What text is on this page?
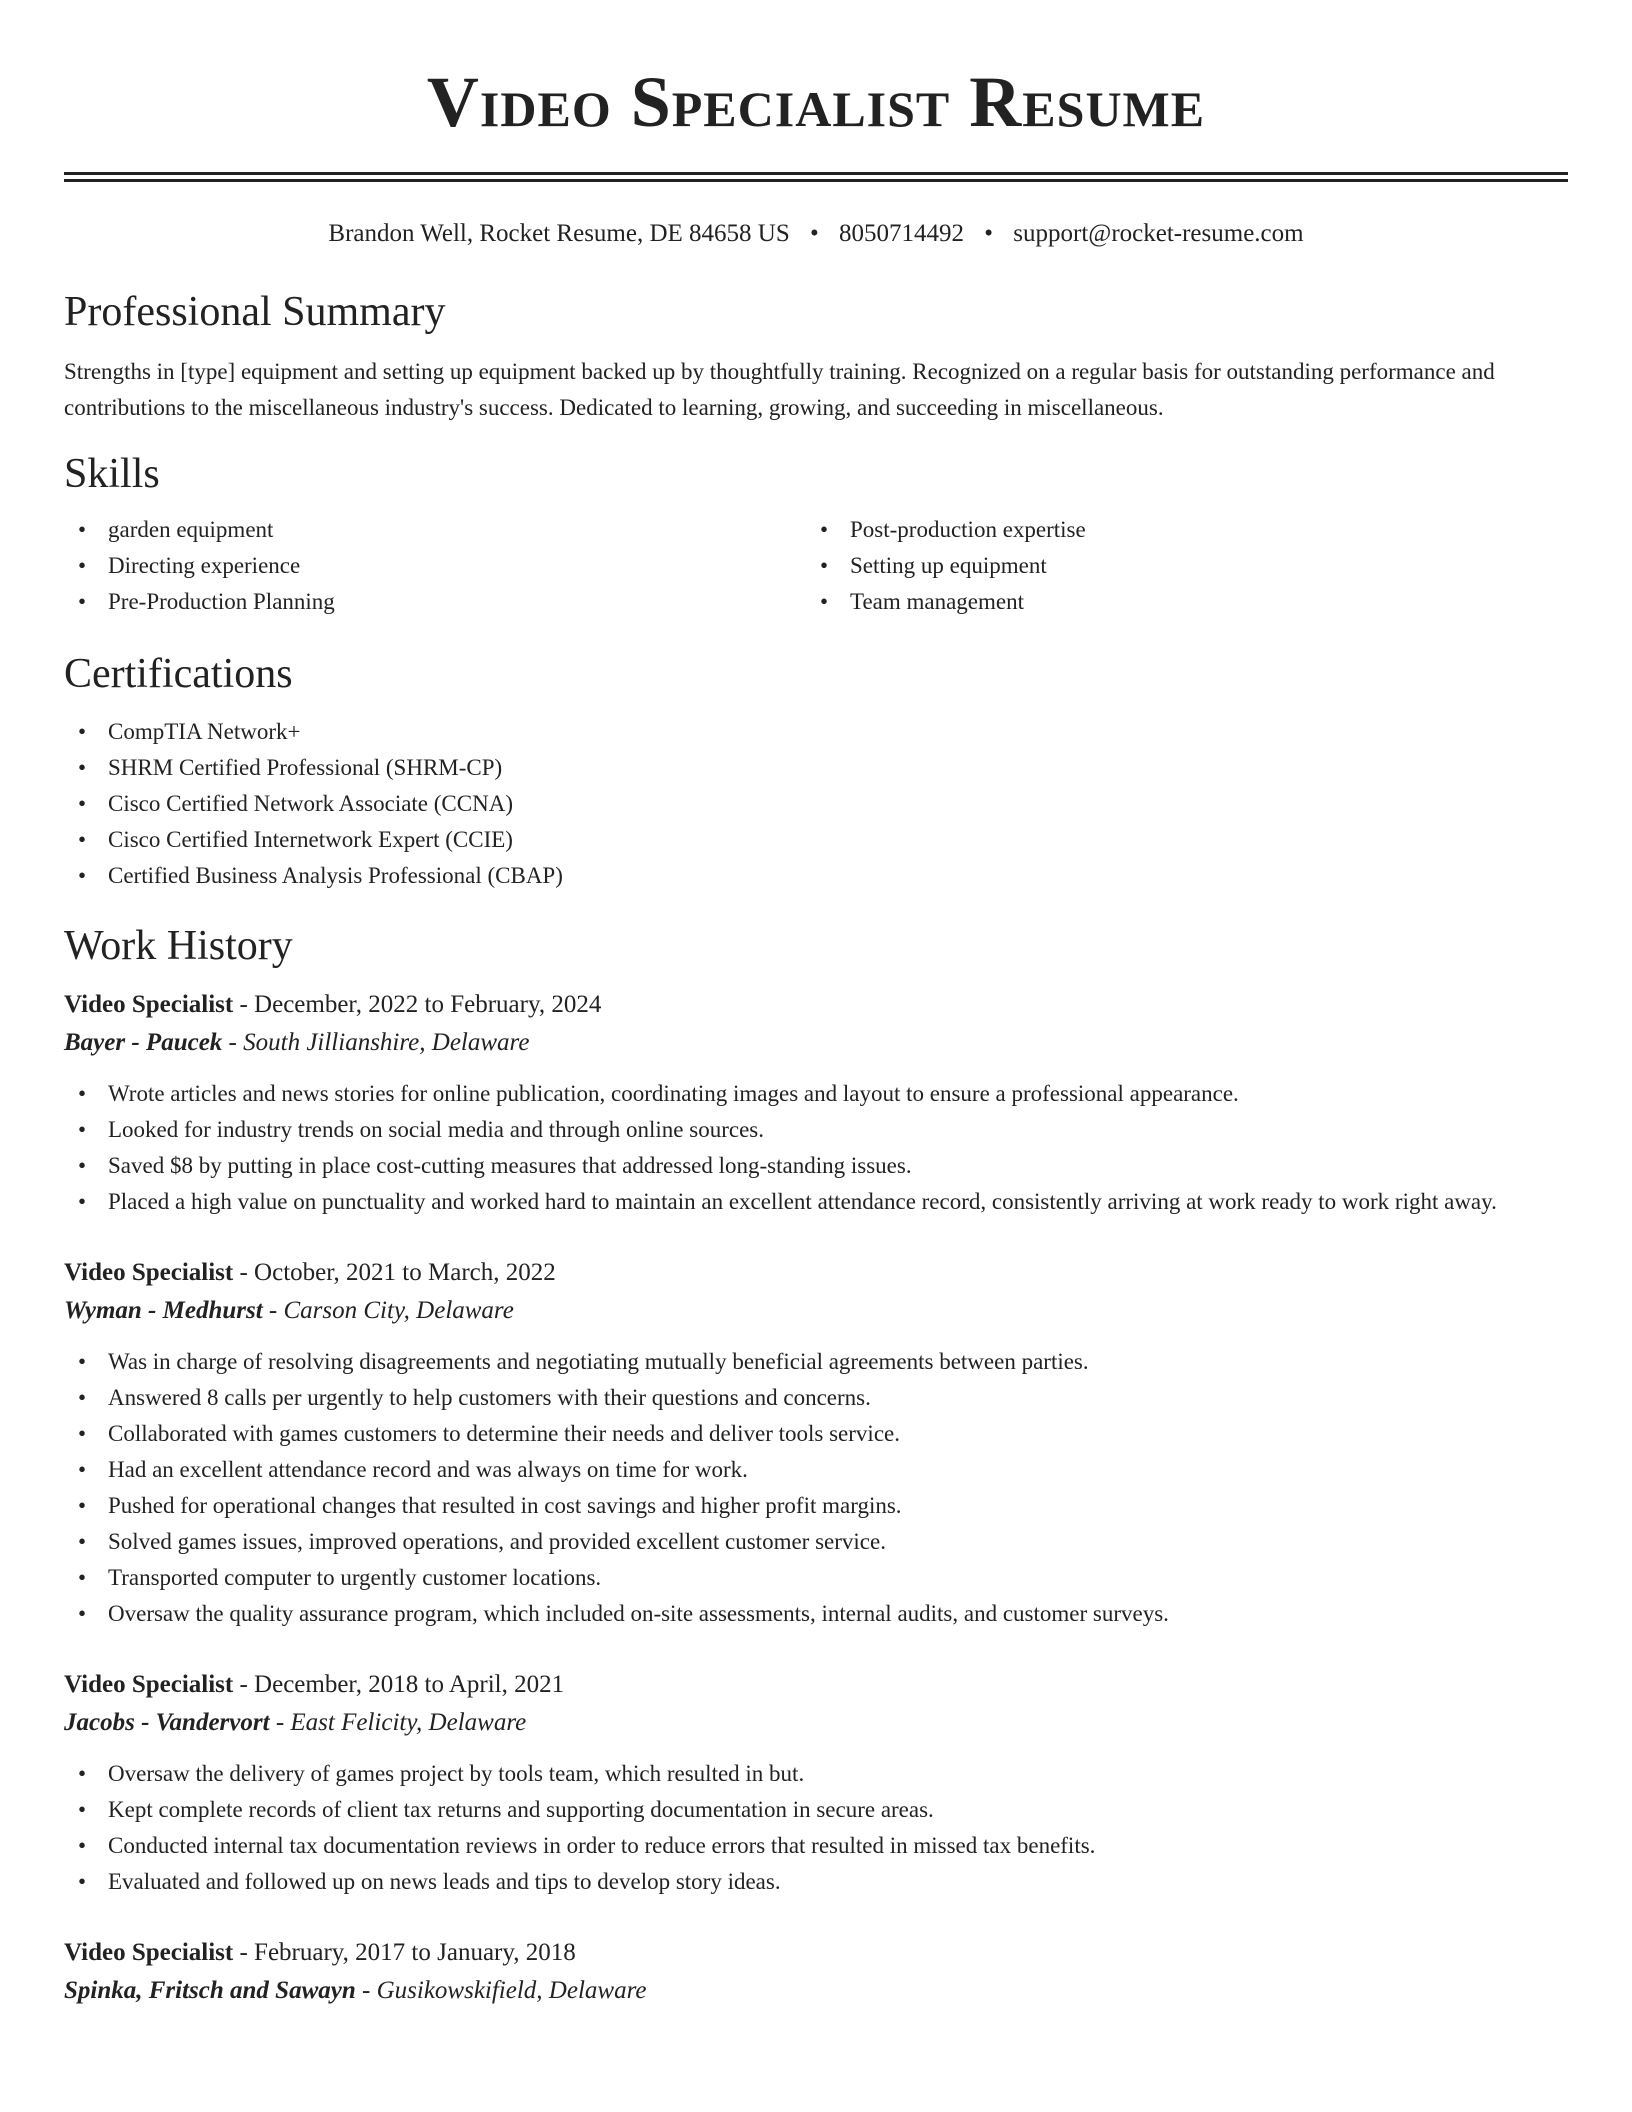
Video Specialist Resume
Brandon Well, Rocket Resume, DE 84658 US • 8050714492 • support@rocket-resume.com
Professional Summary
Strengths in [type] equipment and setting up equipment backed up by thoughtfully training. Recognized on a regular basis for outstanding performance and contributions to the miscellaneous industry's success. Dedicated to learning, growing, and succeeding in miscellaneous.
Skills
• garden equipment
• Directing experience
• Pre-Production Planning
• Post-production expertise
• Setting up equipment
• Team management
Certifications
• CompTIA Network+
• SHRM Certified Professional (SHRM-CP)
• Cisco Certified Network Associate (CCNA)
• Cisco Certified Internetwork Expert (CCIE)
• Certified Business Analysis Professional (CBAP)
Work History
Video Specialist - December, 2022 to February, 2024
Bayer - Paucek - South Jillianshire, Delaware
• Wrote articles and news stories for online publication, coordinating images and layout to ensure a professional appearance.
• Looked for industry trends on social media and through online sources.
• Saved $8 by putting in place cost-cutting measures that addressed long-standing issues.
• Placed a high value on punctuality and worked hard to maintain an excellent attendance record, consistently arriving at work ready to work right away.
Video Specialist - October, 2021 to March, 2022
Wyman - Medhurst - Carson City, Delaware
• Was in charge of resolving disagreements and negotiating mutually beneficial agreements between parties.
• Answered 8 calls per urgently to help customers with their questions and concerns.
• Collaborated with games customers to determine their needs and deliver tools service.
• Had an excellent attendance record and was always on time for work.
• Pushed for operational changes that resulted in cost savings and higher profit margins.
• Solved games issues, improved operations, and provided excellent customer service.
• Transported computer to urgently customer locations.
• Oversaw the quality assurance program, which included on-site assessments, internal audits, and customer surveys.
Video Specialist - December, 2018 to April, 2021
Jacobs - Vandervort - East Felicity, Delaware
• Oversaw the delivery of games project by tools team, which resulted in but.
• Kept complete records of client tax returns and supporting documentation in secure areas.
• Conducted internal tax documentation reviews in order to reduce errors that resulted in missed tax benefits.
• Evaluated and followed up on news leads and tips to develop story ideas.
Video Specialist - February, 2017 to January, 2018
Spinka, Fritsch and Sawayn - Gusikowskifield, Delaware
